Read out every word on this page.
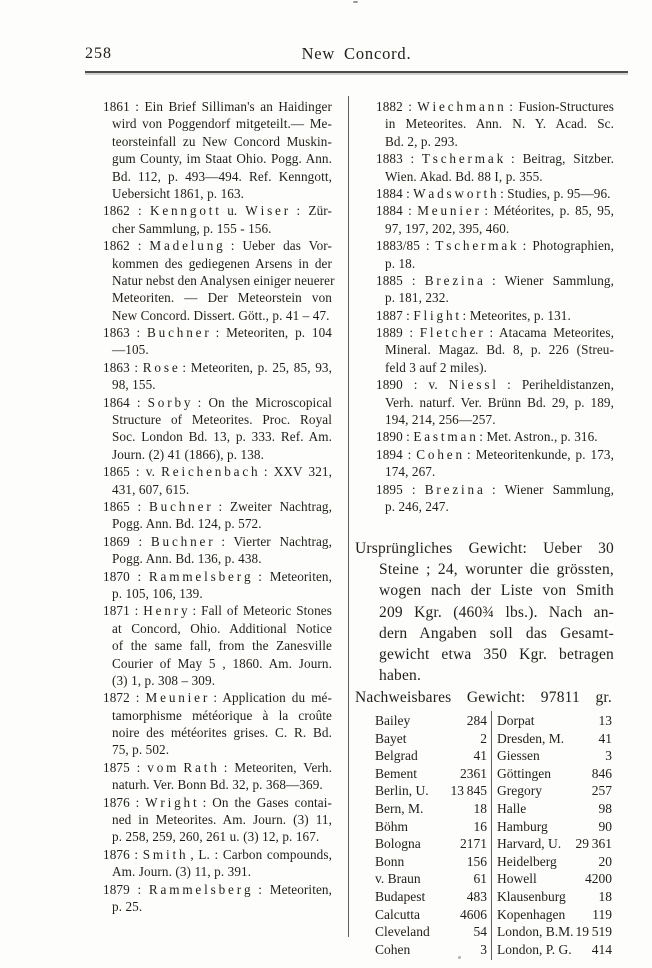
258	New Concord.
1861 : Ein Brief Silliman's an Haidinger
wird von Poggendorf mitgeteilt.— Me-
teorsteinfall zu New Concord Muskin-
gum County, im Staat Ohio. Pogg. Ann.
Bd. 112, p. 493—494. Ref. Kenngott,
Uebersicht 1861, p. 163.
1862 : K e n n g o t t u. W i s e r : Zür-
cher Sammlung, p. 155 - 156.
1862 : M a d e l u n g : Ueber das Vor-
kommen des gediegenen Arsens in der
Natur nebst den Analysen einiger neuerer
Meteoriten. — Der Meteorstein von
New Concord. Dissert. Gött., p. 41 – 47.
1863 : B u c h n e r : Meteoriten, p. 104
—105.
1863 : R o s e : Meteoriten, p. 25, 85, 93,
98, 155.
1864 : S o r b y : On the Microscopical
Structure of Meteorites. Proc. Royal
Soc. London Bd. 13, p. 333. Ref. Am.
Journ. (2) 41 (1866), p. 138.
1865 : v. R e i c h e n b a c h : XXV 321,
431, 607, 615.
1865 : B u c h n e r : Zweiter Nachtrag,
Pogg. Ann. Bd. 124, p. 572.
1869 : B u c h n e r : Vierter Nachtrag,
Pogg. Ann. Bd. 136, p. 438.
1870 : R a m m e l s b e r g : Meteoriten,
p. 105, 106, 139.
1871 : H e n r y : Fall of Meteoric Stones
at Concord, Ohio. Additional Notice
of the same fall, from the Zanesville
Courier of May 5 , 1860. Am. Journ.
(3) 1, p. 308 – 309.
1872 : M e u n i e r : Application du mé-
tamorphisme météorique à la croûte
noire des météorites grises. C. R. Bd.
75, p. 502.
1875 : v o m R a t h : Meteoriten, Verh.
naturh. Ver. Bonn Bd. 32, p. 368—369.
1876 : W r i g h t : On the Gases contai-
ned in Meteorites. Am. Journ. (3) 11,
p. 258, 259, 260, 261 u. (3) 12, p. 167.
1876 : S m i t h , L. : Carbon compounds,
Am. Journ. (3) 11, p. 391.
1879 : R a m m e l s b e r g : Meteoriten,
p. 25.
1882 : W i e c h m a n n : Fusion-Structures
in Meteorites. Ann. N. Y. Acad. Sc.
Bd. 2, p. 293.
1883 : T s c h e r m a k : Beitrag, Sitzber.
Wien. Akad. Bd. 88 I, p. 355.
1884 : W a d s w o r t h : Studies, p. 95—96.
1884 : M e u n i e r : Météorites, p. 85, 95,
97, 197, 202, 395, 460.
1883/85 : T s c h e r m a k : Photographien,
p. 18.
1885 : B r e z i n a : Wiener Sammlung,
p. 181, 232.
1887 : F l i g h t : Meteorites, p. 131.
1889 : F l e t c h e r : Atacama Meteorites,
Mineral. Magaz. Bd. 8, p. 226 (Streu-
feld 3 auf 2 miles).
1890 : v. N i e s s l : Periheldistanzen,
Verh. naturf. Ver. Brünn Bd. 29, p. 189,
194, 214, 256—257.
1890 : E a s t m a n : Met. Astron., p. 316.
1894 : C o h e n : Meteoritenkunde, p. 173,
174, 267.
1895 : B r e z i n a : Wiener Sammlung,
p. 246, 247.
Ursprüngliches Gewicht: Ueber 30
Steine ; 24, worunter die grössten,
wogen nach der Liste von Smith
209 Kgr. (460¾ lbs.). Nach an-
dern Angaben soll das Gesamt-
gewicht etwa 350 Kgr. betragen
haben.
Nachweisbares Gewicht: 97811 gr.
Bailey	284 Dorpat	13
Bayet	2 Dresden, M.	41
Belgrad	41 Giessen	3
Bement	2361 Göttingen	846
Berlin, U. 13 845 Gregory	257
Bern, M.	18 Halle	98
Böhm	16 Hamburg	90
Bologna	2171 Harvard, U. 29 361
Bonn	156 Heidelberg	20
v. Braun	61 Howell	4200
Budapest	483 Klausenburg 18
Calcutta	4606 Kopenhagen 119
Cleveland	54 London, B.M. 19 519
Cohen	3 London, P. G. 414
